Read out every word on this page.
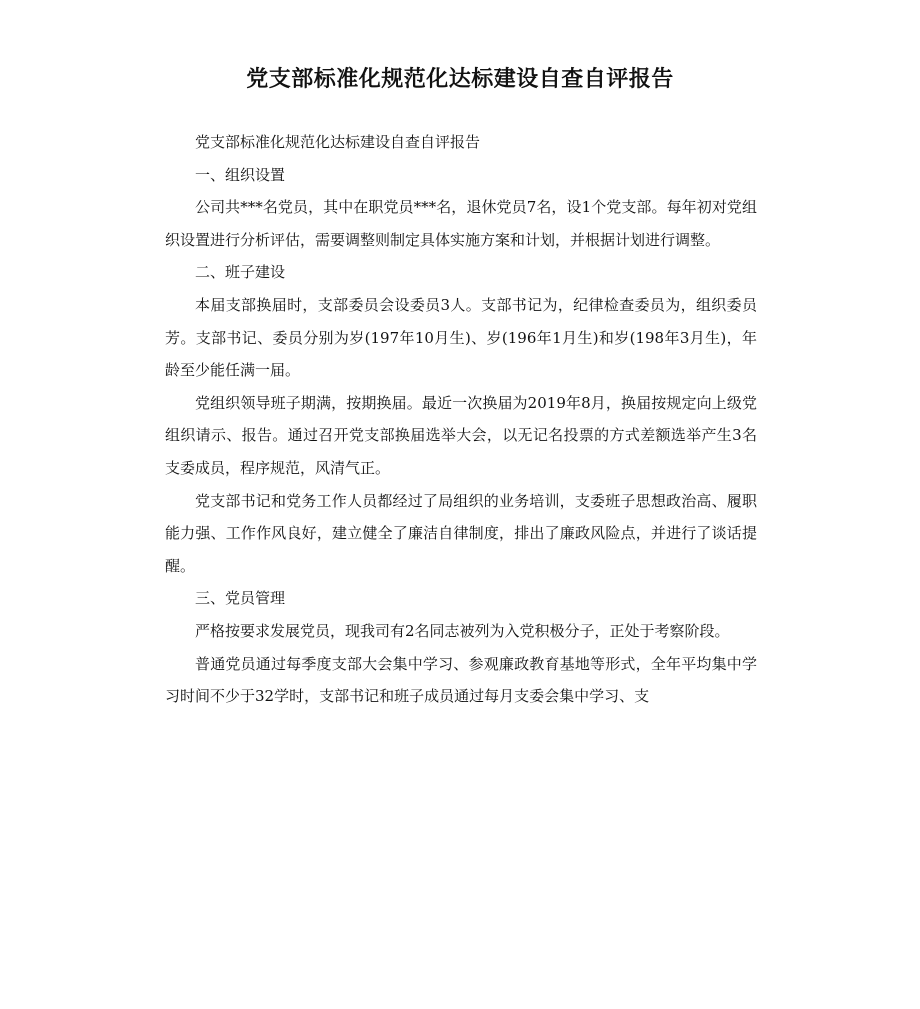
党支部标准化规范化达标建设自查自评报告

党支部标准化规范化达标建设自查自评报告

一、组织设置

公司共***名党员，其中在职党员***名，退休党员7名，设1个党支部。每年初对党组织设置进行分析评估，需要调整则制定具体实施方案和计划，并根据计划进行调整。

二、班子建设

本届支部换届时，支部委员会设委员3人。支部书记为，纪律检查委员为，组织委员芳。支部书记、委员分别为岁(197年10月生)、岁(196年1月生)和岁(198年3月生)，年龄至少能任满一届。

党组织领导班子期满，按期换届。最近一次换届为2019年8月，换届按规定向上级党组织请示、报告。通过召开党支部换届选举大会，以无记名投票的方式差额选举产生3名支委成员，程序规范，风清气正。

党支部书记和党务工作人员都经过了局组织的业务培训，支委班子思想政治高、履职能力强、工作作风良好，建立健全了廉洁自律制度，排出了廉政风险点，并进行了谈话提醒。

三、党员管理

严格按要求发展党员，现我司有2名同志被列为入党积极分子，正处于考察阶段。

普通党员通过每季度支部大会集中学习、参观廉政教育基地等形式，全年平均集中学习时间不少于32学时，支部书记和班子成员通过每月支委会集中学习、支
